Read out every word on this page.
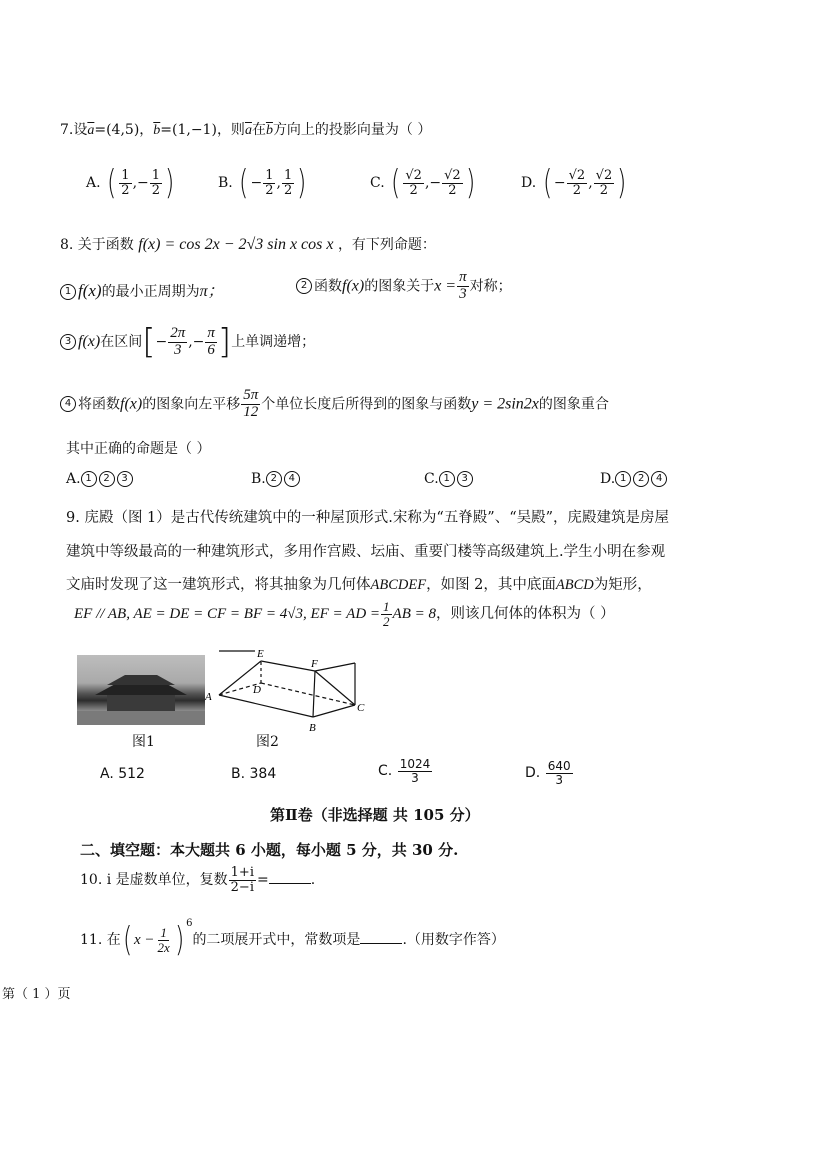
7.设$\overline{a}=(4,5)$，$\overline{b}=(1,-1)$，则$\overline{a}$在$\overline{b}$方向上的投影向量为（ ）
A. ( $\frac{1}{2}$ ,− $\frac{1}{2}$ )	B. ( − $\frac{1}{2}$ , $\frac{1}{2}$ )	C. ( $\frac{√2}{2}$ ,− $\frac{√2}{2}$ )	D. ( − $\frac{√2}{2}$ , $\frac{√2}{2}$ )
8. 关于函数 f(x) = cos 2x − 2√3 sin x cos x ，有下列命题：
1 f(x)的最小正周期为π；	2 函数f(x)的图象关于$x = \frac{\pi}{3}$ 对称；
3 f(x)在区间[− $\frac{2\pi}{3}$ ,− $\frac{\pi}{6}$ ]上单调递增；
4 将函数f(x)的图象向左平移 $\frac{5\pi}{12}$ 个单位长度后所得到的图象与函数y = 2sin2x的图象重合
其中正确的命题是（ ）
A. 1 2 3	B. 2 4	C. 1 3	D. 1 2 4
9. 庑殿（图 1）是古代传统建筑中的一种屋顶形式.宋称为“五脊殿”、“吴殿”，庑殿建筑是房屋
建筑中等级最高的一种建筑形式，多用作宫殿、坛庙、重要门楼等高级建筑上.学生小明在参观
文庙时发现了这一建筑形式，将其抽象为几何体ABCDEF，如图 2，其中底面ABCD为矩形，
EF // AB, AE = DE = CF = BF = 4√3, EF = AD = $\frac{1}{2}$ AB = 8，则该几何体的体积为（ ）
图1
E
F
A
D
B
C
图2
A. 512	B. 384	C. $\frac{1024}{3}$	D. $\frac{640}{3}$
第Ⅱ卷（非选择题 共 105 分）
二、填空题：本大题共 6 小题，每小题 5 分，共 30 分.
10. i 是虚数单位，复数 $\frac{1+i}{2-i}$ =	.
11. 在( $x - \frac{1}{2x}$ ) $^6$的二项展开式中，常数项是	.（用数字作答）
第（ 1 ）页
